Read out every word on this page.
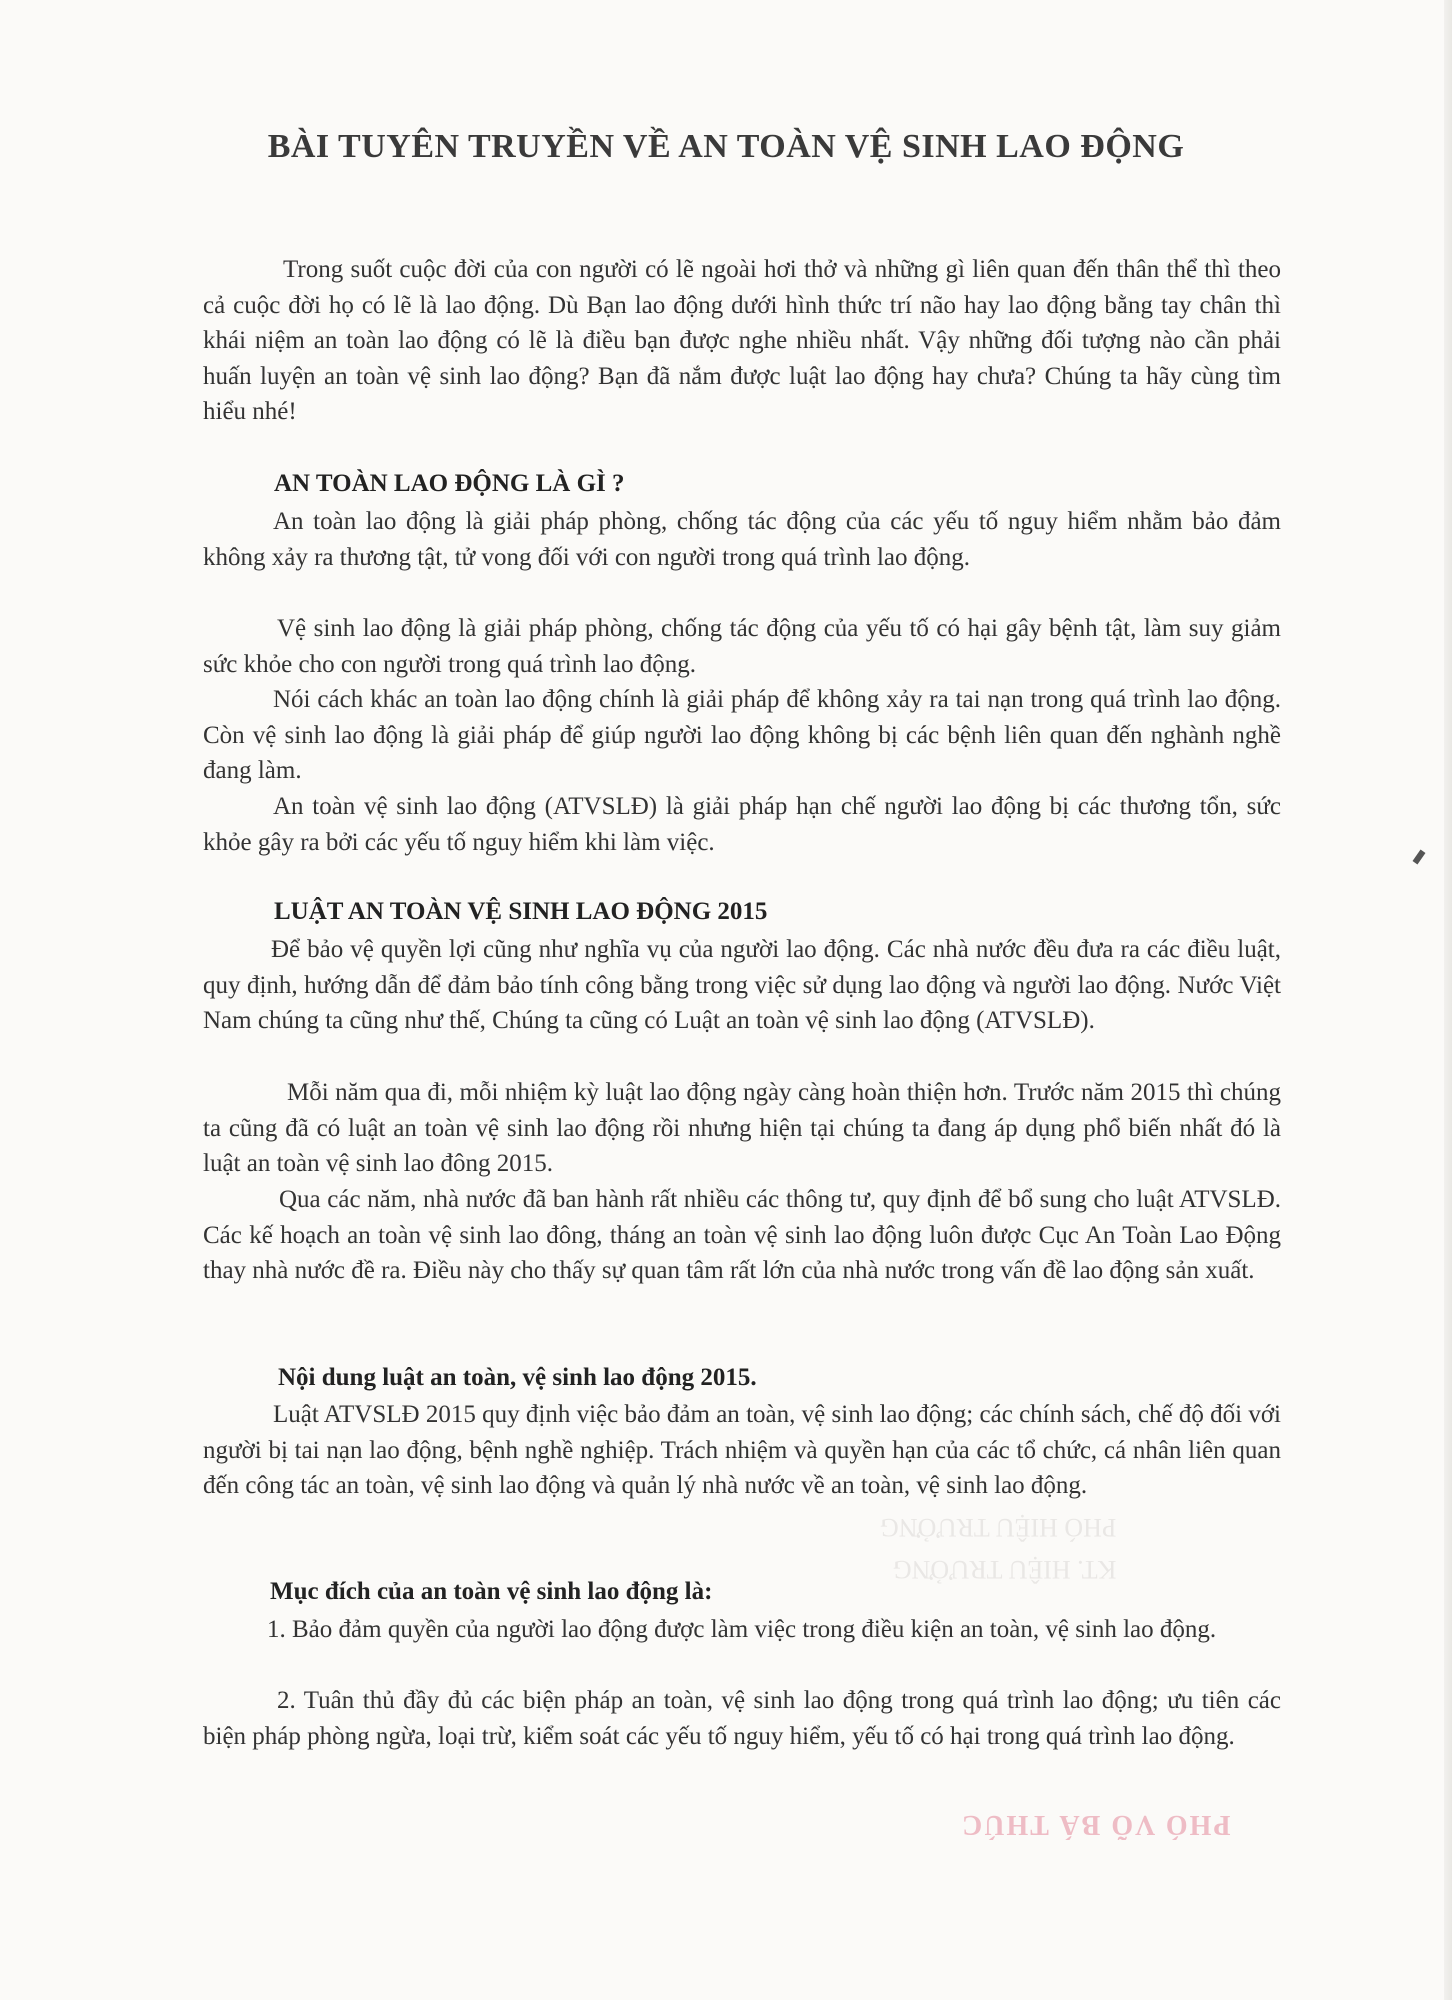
BÀI TUYÊN TRUYỀN VỀ AN TOÀN VỆ SINH LAO ĐỘNG
Trong suốt cuộc đời của con người có lẽ ngoài hơi thở và những gì liên quan đến thân thể thì theo cả cuộc đời họ có lẽ là lao động. Dù Bạn lao động dưới hình thức trí não hay lao động bằng tay chân thì khái niệm an toàn lao động có lẽ là điều bạn được nghe nhiều nhất. Vậy những đối tượng nào cần phải huấn luyện an toàn vệ sinh lao động? Bạn đã nắm được luật lao động hay chưa? Chúng ta hãy cùng tìm hiểu nhé!
AN TOÀN LAO ĐỘNG LÀ GÌ ?
An toàn lao động là giải pháp phòng, chống tác động của các yếu tố nguy hiểm nhằm bảo đảm không xảy ra thương tật, tử vong đối với con người trong quá trình lao động.
Vệ sinh lao động là giải pháp phòng, chống tác động của yếu tố có hại gây bệnh tật, làm suy giảm sức khỏe cho con người trong quá trình lao động.
Nói cách khác an toàn lao động chính là giải pháp để không xảy ra tai nạn trong quá trình lao động. Còn vệ sinh lao động là giải pháp để giúp người lao động không bị các bệnh liên quan đến nghành nghề đang làm.
An toàn vệ sinh lao động (ATVSLĐ) là giải pháp hạn chế người lao động bị các thương tổn, sức khỏe gây ra bởi các yếu tố nguy hiểm khi làm việc.
LUẬT AN TOÀN VỆ SINH LAO ĐỘNG 2015
Để bảo vệ quyền lợi cũng như nghĩa vụ của người lao động. Các nhà nước đều đưa ra các điều luật, quy định, hướng dẫn để đảm bảo tính công bằng trong việc sử dụng lao động và người lao động. Nước Việt Nam chúng ta cũng như thế, Chúng ta cũng có Luật an toàn vệ sinh lao động (ATVSLĐ).
Mỗi năm qua đi, mỗi nhiệm kỳ luật lao động ngày càng hoàn thiện hơn. Trước năm 2015 thì chúng ta cũng đã có luật an toàn vệ sinh lao động rồi nhưng hiện tại chúng ta đang áp dụng phổ biến nhất đó là luật an toàn vệ sinh lao đông 2015.
Qua các năm, nhà nước đã ban hành rất nhiều các thông tư, quy định để bổ sung cho luật ATVSLĐ. Các kế hoạch an toàn vệ sinh lao đông, tháng an toàn vệ sinh lao động luôn được Cục An Toàn Lao Động thay nhà nước đề ra. Điều này cho thấy sự quan tâm rất lớn của nhà nước trong vấn đề lao động sản xuất.
Nội dung luật an toàn, vệ sinh lao động 2015.
Luật ATVSLĐ 2015 quy định việc bảo đảm an toàn, vệ sinh lao động; các chính sách, chế độ đối với người bị tai nạn lao động, bệnh nghề nghiệp. Trách nhiệm và quyền hạn của các tổ chức, cá nhân liên quan đến công tác an toàn, vệ sinh lao động và quản lý nhà nước về an toàn, vệ sinh lao động.
Mục đích của an toàn vệ sinh lao động là:
1. Bảo đảm quyền của người lao động được làm việc trong điều kiện an toàn, vệ sinh lao động.
2. Tuân thủ đầy đủ các biện pháp an toàn, vệ sinh lao động trong quá trình lao động; ưu tiên các biện pháp phòng ngừa, loại trừ, kiểm soát các yếu tố nguy hiểm, yếu tố có hại trong quá trình lao động.
KT. HIỆU TRƯỞNG
PHÓ HIỆU TRƯỞNG
PHÓ VÕ BÁ THÚC
